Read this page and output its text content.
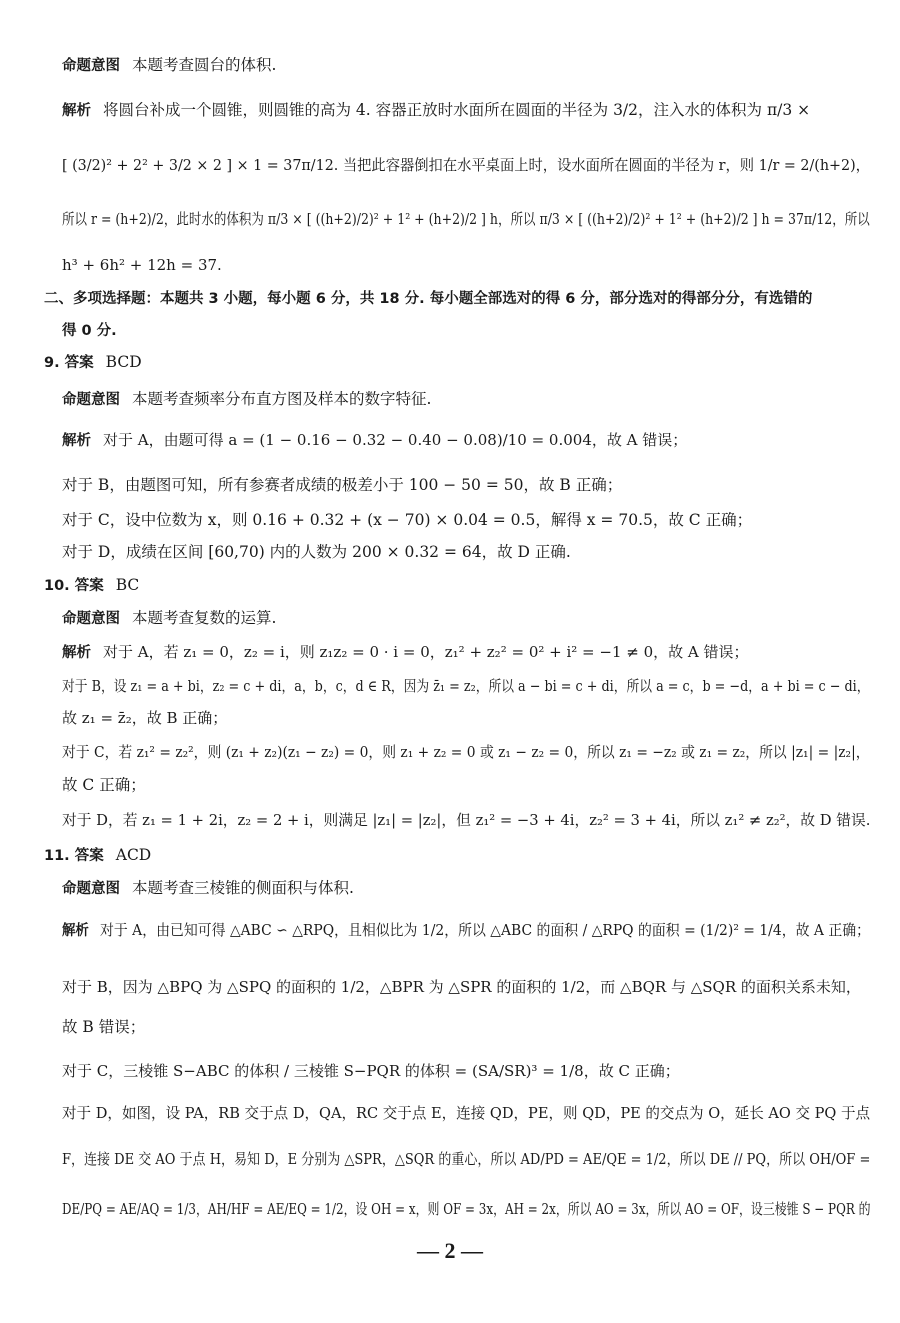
命题意图 本题考查圆台的体积.
解析 将圆台补成一个圆锥，则圆锥的高为 4. 容器正放时水面所在圆面的半径为 3/2，注入水的体积为 π/3 ×
[ (3/2)² + 2² + 3/2 × 2 ] × 1 = 37π/12. 当把此容器倒扣在水平桌面上时，设水面所在圆面的半径为 r，则 1/r = 2/(h+2)，
所以 r = (h+2)/2，此时水的体积为 π/3 × [ ((h+2)/2)² + 1² + (h+2)/2 ] h，所以 π/3 × [ ((h+2)/2)² + 1² + (h+2)/2 ] h = 37π/12，所以
h³ + 6h² + 12h = 37.
二、多项选择题：本题共 3 小题，每小题 6 分，共 18 分. 每小题全部选对的得 6 分，部分选对的得部分分，有选错的
得 0 分.
9. 答案 BCD
命题意图 本题考查频率分布直方图及样本的数字特征.
解析 对于 A，由题可得 a = (1 − 0.16 − 0.32 − 0.40 − 0.08)/10 = 0.004，故 A 错误；
对于 B，由题图可知，所有参赛者成绩的极差小于 100 − 50 = 50，故 B 正确；
对于 C，设中位数为 x，则 0.16 + 0.32 + (x − 70) × 0.04 = 0.5，解得 x = 70.5，故 C 正确；
对于 D，成绩在区间 [60,70) 内的人数为 200 × 0.32 = 64，故 D 正确.
10. 答案 BC
命题意图 本题考查复数的运算.
解析 对于 A，若 z₁ = 0，z₂ = i，则 z₁z₂ = 0 · i = 0，z₁² + z₂² = 0² + i² = −1 ≠ 0，故 A 错误；
对于 B，设 z₁ = a + bi，z₂ = c + di，a，b，c，d ∈ R，因为 z̄₁ = z₂，所以 a − bi = c + di，所以 a = c，b = −d，a + bi = c − di，
故 z₁ = z̄₂，故 B 正确；
对于 C，若 z₁² = z₂²，则 (z₁ + z₂)(z₁ − z₂) = 0，则 z₁ + z₂ = 0 或 z₁ − z₂ = 0，所以 z₁ = −z₂ 或 z₁ = z₂，所以 |z₁| = |z₂|，
故 C 正确；
对于 D，若 z₁ = 1 + 2i，z₂ = 2 + i，则满足 |z₁| = |z₂|，但 z₁² = −3 + 4i，z₂² = 3 + 4i，所以 z₁² ≠ z₂²，故 D 错误.
11. 答案 ACD
命题意图 本题考查三棱锥的侧面积与体积.
解析 对于 A，由已知可得 △ABC ∽ △RPQ，且相似比为 1/2，所以 △ABC 的面积 / △RPQ 的面积 = (1/2)² = 1/4，故 A 正确；
对于 B，因为 △BPQ 为 △SPQ 的面积的 1/2，△BPR 为 △SPR 的面积的 1/2，而 △BQR 与 △SQR 的面积关系未知，
故 B 错误；
对于 C，三棱锥 S−ABC 的体积 / 三棱锥 S−PQR 的体积 = (SA/SR)³ = 1/8，故 C 正确；
对于 D，如图，设 PA，RB 交于点 D，QA，RC 交于点 E，连接 QD，PE，则 QD，PE 的交点为 O，延长 AO 交 PQ 于点
F，连接 DE 交 AO 于点 H，易知 D，E 分别为 △SPR，△SQR 的重心，所以 AD/PD = AE/QE = 1/2，所以 DE // PQ，所以 OH/OF =
DE/PQ = AE/AQ = 1/3，AH/HF = AE/EQ = 1/2，设 OH = x，则 OF = 3x，AH = 2x，所以 AO = 3x，所以 AO = OF，设三棱锥 S − PQR 的
— 2 —
